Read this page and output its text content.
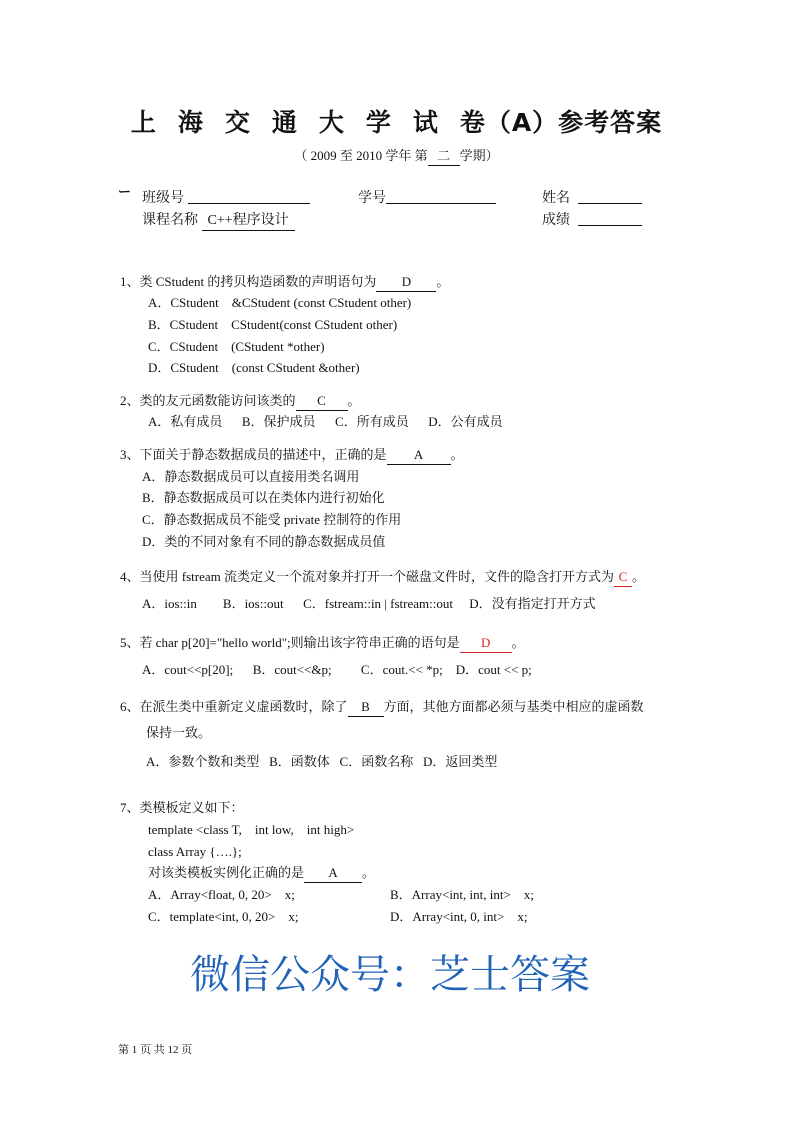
上海交通大学试卷（A）参考答案
（ 2009 至 2010 学年 第 二 学期）
ー 班级号	学号	姓名
课程名称 C++程序设计	成绩
1、类 CStudent 的拷贝构造函数的声明语句为 D 。
A．CStudent    &CStudent (const CStudent other)
B．CStudent    CStudent(const CStudent other)
C．CStudent    (CStudent *other)
D．CStudent    (const CStudent &other)
2、类的友元函数能访问该类的 C 。
A．私有成员      B．保护成员      C．所有成员      D．公有成员
3、下面关于静态数据成员的描述中，正确的是 A 。
A．静态数据成员可以直接用类名调用
B．静态数据成员可以在类体内进行初始化
C．静态数据成员不能受 private 控制符的作用
D．类的不同对象有不同的静态数据成员值
4、当使用 fstream 流类定义一个流对象并打开一个磁盘文件时，文件的隐含打开方式为 C 。
A．ios::in        B．ios::out      C．fstream::in | fstream::out     D．没有指定打开方式
5、若 char p[20]="hello world";则输出该字符串正确的语句是 D 。
A．cout<<p[20];      B．cout<<&p;         C．cout.<< *p;    D．cout << p;
6、在派生类中重新定义虚函数时，除了 B 方面，其他方面都必须与基类中相应的虚函数
保持一致。
A．参数个数和类型   B．函数体   C．函数名称   D．返回类型
7、类模板定义如下：
template <class T,    int low,    int high>
class Array {….};
对该类模板实例化正确的是 A 。
A．Array<float, 0, 20>    x;	B．Array<int, int, int>    x;
C．template<int, 0, 20>    x;	D．Array<int, 0, int>    x;
微信公众号：芝士答案
第 1 页 共 12 页
